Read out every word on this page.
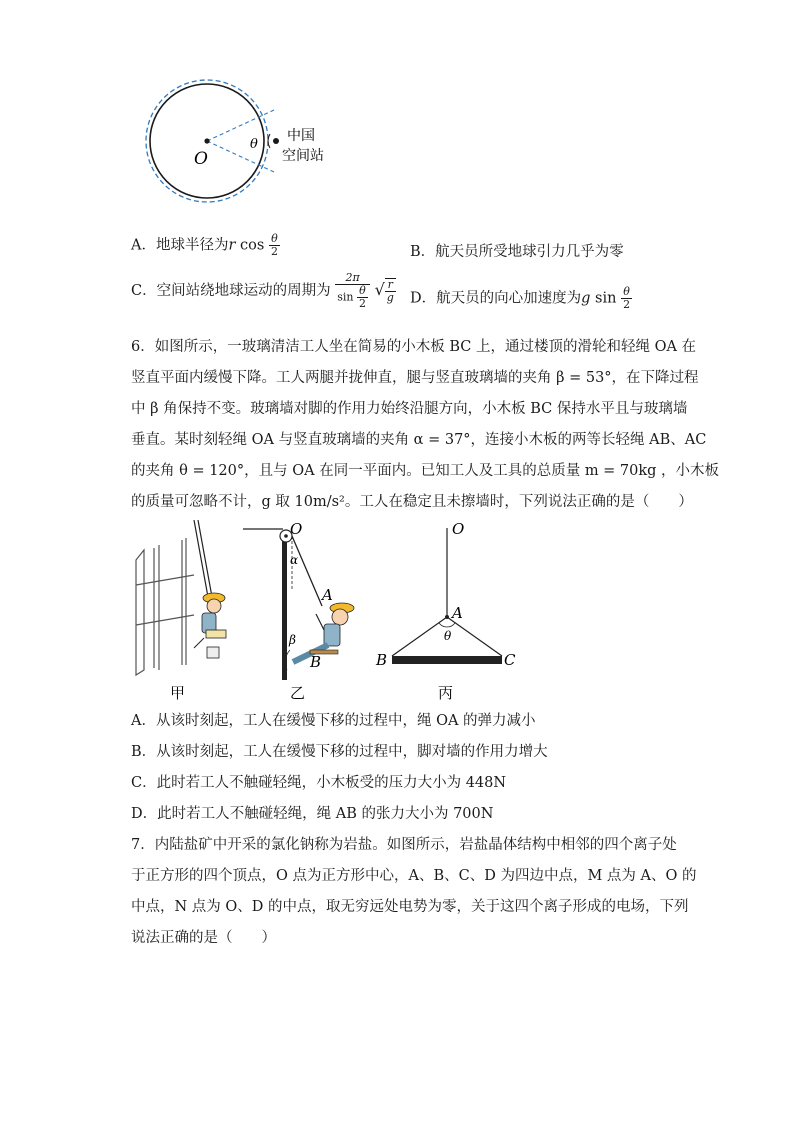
O
θ
中国
空间站
A．地球半径为r $\cos \frac{\theta}{2}$	B．航天员所受地球引力几乎为零
C．空间站绕地球运动的周期为 $\frac{2\pi}{\sin \frac{\theta}{2}}$ √ $\frac{r}{g}$ D．航天员的向心加速度为g $\sin \frac{\theta}{2}$
6．如图所示，一玻璃清洁工人坐在简易的小木板 BC 上，通过楼顶的滑轮和轻绳 OA 在
竖直平面内缓慢下降。工人两腿并拢伸直，腿与竖直玻璃墙的夹角 β = 53°，在下降过程
中 β 角保持不变。玻璃墙对脚的作用力始终沿腿方向，小木板 BC 保持水平且与玻璃墙
垂直。某时刻轻绳 OA 与竖直玻璃墙的夹角 α = 37°，连接小木板的两等长轻绳 AB、AC
的夹角 θ = 120°，且与 OA 在同一平面内。已知工人及工具的总质量 m = 70kg ，小木板
的质量可忽略不计，g 取 10m/s²。工人在稳定且未擦墙时，下列说法正确的是（　　）
甲
O
α
A
β
B
乙
O
A
θ
B	C
丙
A．从该时刻起，工人在缓慢下移的过程中，绳 OA 的弹力减小
B．从该时刻起，工人在缓慢下移的过程中，脚对墙的作用力增大
C．此时若工人不触碰轻绳，小木板受的压力大小为 448N
D．此时若工人不触碰轻绳，绳 AB 的张力大小为 700N
7．内陆盐矿中开采的氯化钠称为岩盐。如图所示，岩盐晶体结构中相邻的四个离子处
于正方形的四个顶点，O 点为正方形中心，A、B、C、D 为四边中点，M 点为 A、O 的
中点，N 点为 O、D 的中点，取无穷远处电势为零，关于这四个离子形成的电场，下列
说法正确的是（　　）
